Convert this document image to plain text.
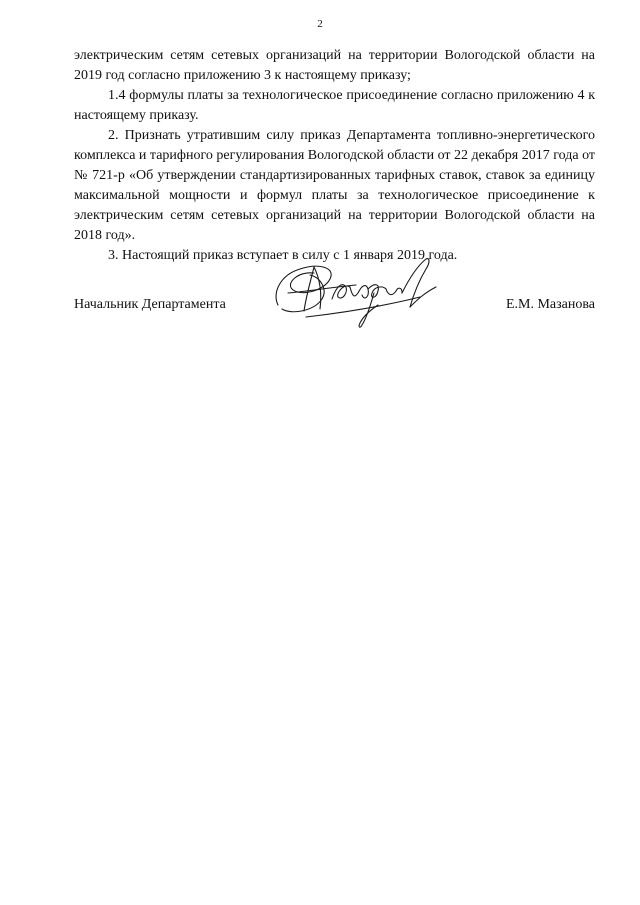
2

электрическим сетям сетевых организаций на территории Вологодской области на 2019 год согласно приложению 3 к настоящему приказу;

1.4 формулы платы за технологическое присоединение согласно приложению 4 к настоящему приказу.

2. Признать утратившим силу приказ Департамента топливно-энергетического комплекса и тарифного регулирования Вологодской области от 22 декабря 2017 года от № 721-р «Об утверждении стандартизированных тарифных ставок, ставок за единицу максимальной мощности и формул платы за технологическое присоединение к электрическим сетям сетевых организаций на территории Вологодской области на 2018 год».

3. Настоящий приказ вступает в силу с 1 января 2019 года.

Начальник Департамента	Е.М. Мазанова
